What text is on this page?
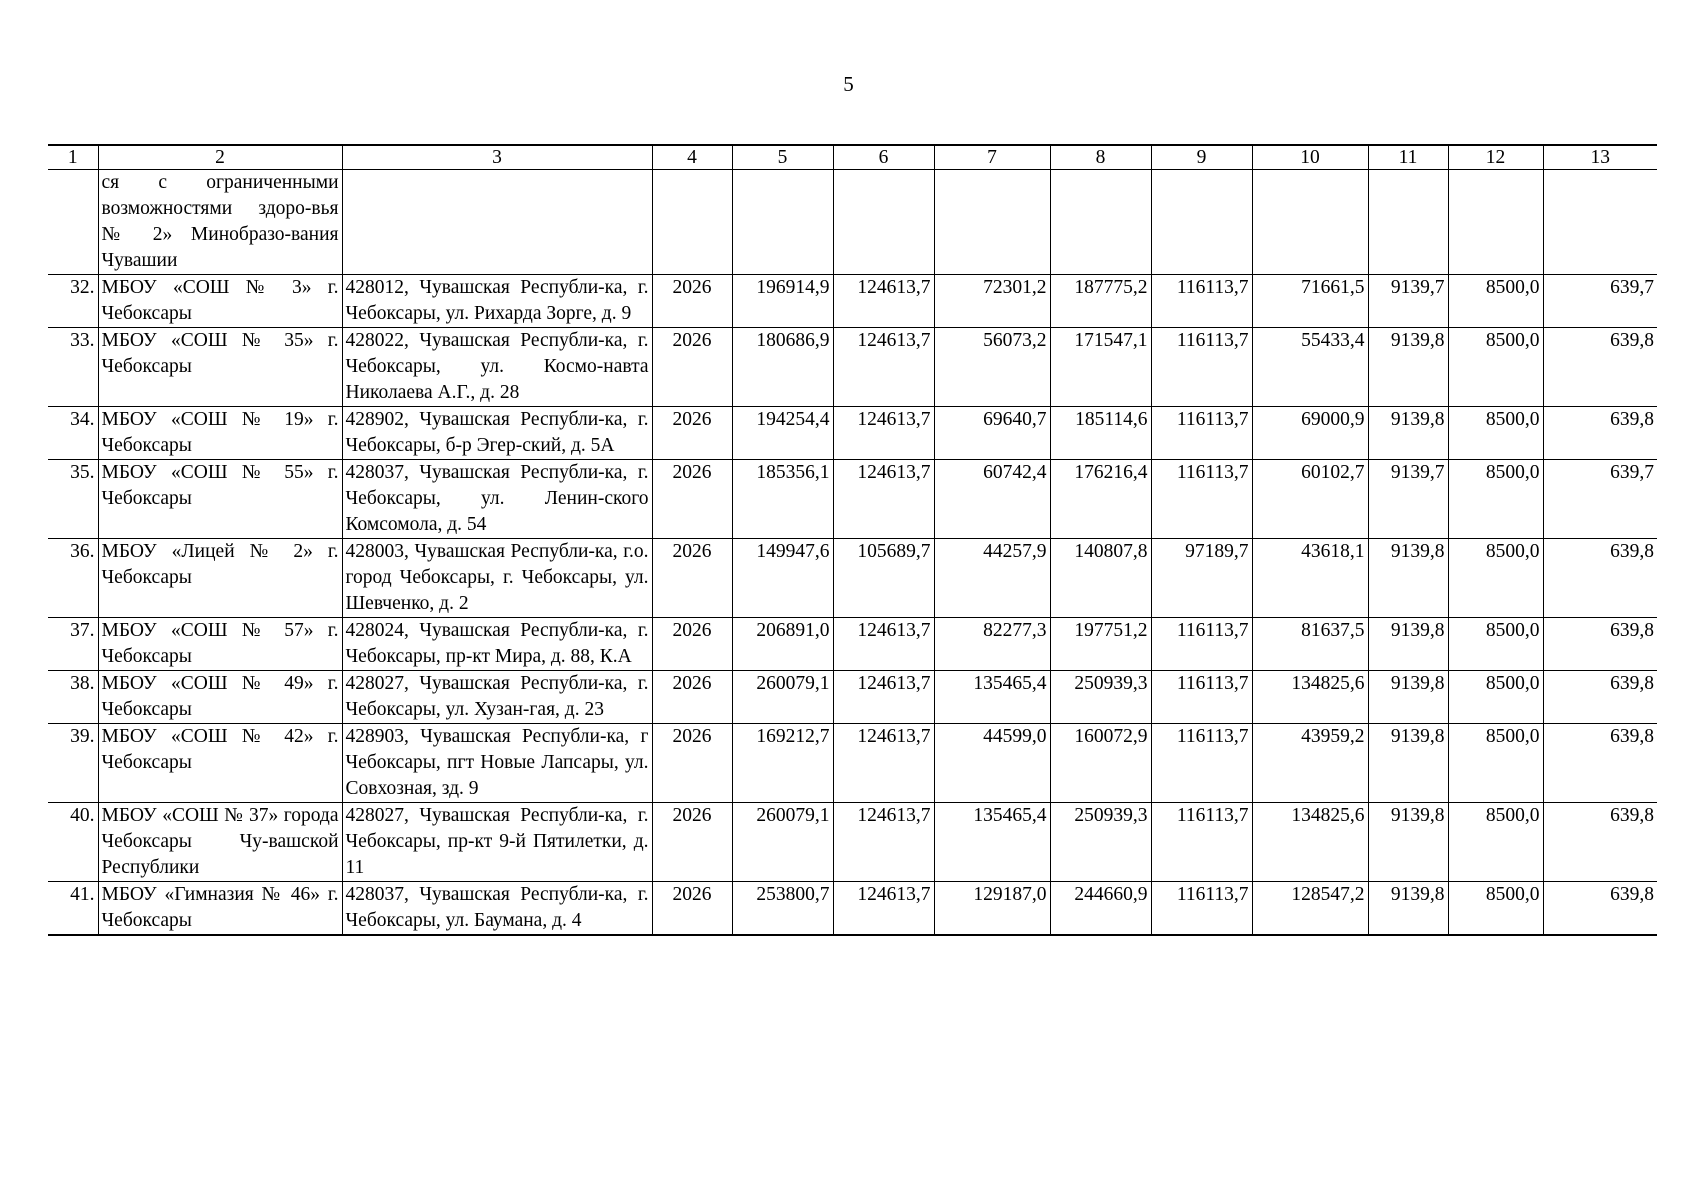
5
1	2	3	4	5	6	7	8	9	10	11	12	13
	ся с ограниченными возможностями здоро-вья № 2» Минобразо-вания Чувашии											
32.	МБОУ «СОШ № 3» г. Чебоксары	428012, Чувашская Республи-ка, г. Чебоксары, ул. Рихарда Зорге, д. 9	2026	196914,9	124613,7	72301,2	187775,2	116113,7	71661,5	9139,7	8500,0	639,7
33.	МБОУ «СОШ № 35» г. Чебоксары	428022, Чувашская Республи-ка, г. Чебоксары, ул. Космо-навта Николаева А.Г., д. 28	2026	180686,9	124613,7	56073,2	171547,1	116113,7	55433,4	9139,8	8500,0	639,8
34.	МБОУ «СОШ № 19» г. Чебоксары	428902, Чувашская Республи-ка, г. Чебоксары, б-р Эгер-ский, д. 5А	2026	194254,4	124613,7	69640,7	185114,6	116113,7	69000,9	9139,8	8500,0	639,8
35.	МБОУ «СОШ № 55» г. Чебоксары	428037, Чувашская Республи-ка, г. Чебоксары, ул. Ленин-ского Комсомола, д. 54	2026	185356,1	124613,7	60742,4	176216,4	116113,7	60102,7	9139,7	8500,0	639,7
36.	МБОУ «Лицей № 2» г. Чебоксары	428003, Чувашская Республи-ка, г.о. город Чебоксары, г. Чебоксары, ул. Шевченко, д. 2	2026	149947,6	105689,7	44257,9	140807,8	97189,7	43618,1	9139,8	8500,0	639,8
37.	МБОУ «СОШ № 57» г. Чебоксары	428024, Чувашская Республи-ка, г. Чебоксары, пр-кт Мира, д. 88, К.А	2026	206891,0	124613,7	82277,3	197751,2	116113,7	81637,5	9139,8	8500,0	639,8
38.	МБОУ «СОШ № 49» г. Чебоксары	428027, Чувашская Республи-ка, г. Чебоксары, ул. Хузан-гая, д. 23	2026	260079,1	124613,7	135465,4	250939,3	116113,7	134825,6	9139,8	8500,0	639,8
39.	МБОУ «СОШ № 42» г. Чебоксары	428903, Чувашская Республи-ка, г Чебоксары, пгт Новые Лапсары, ул. Совхозная, зд. 9	2026	169212,7	124613,7	44599,0	160072,9	116113,7	43959,2	9139,8	8500,0	639,8
40.	МБОУ «СОШ № 37» города Чебоксары Чу-вашской Республики	428027, Чувашская Республи-ка, г. Чебоксары, пр-кт 9-й Пятилетки, д. 11	2026	260079,1	124613,7	135465,4	250939,3	116113,7	134825,6	9139,8	8500,0	639,8
41.	МБОУ «Гимназия № 46» г. Чебоксары	428037, Чувашская Республи-ка, г. Чебоксары, ул. Баумана, д. 4	2026	253800,7	124613,7	129187,0	244660,9	116113,7	128547,2	9139,8	8500,0	639,8
